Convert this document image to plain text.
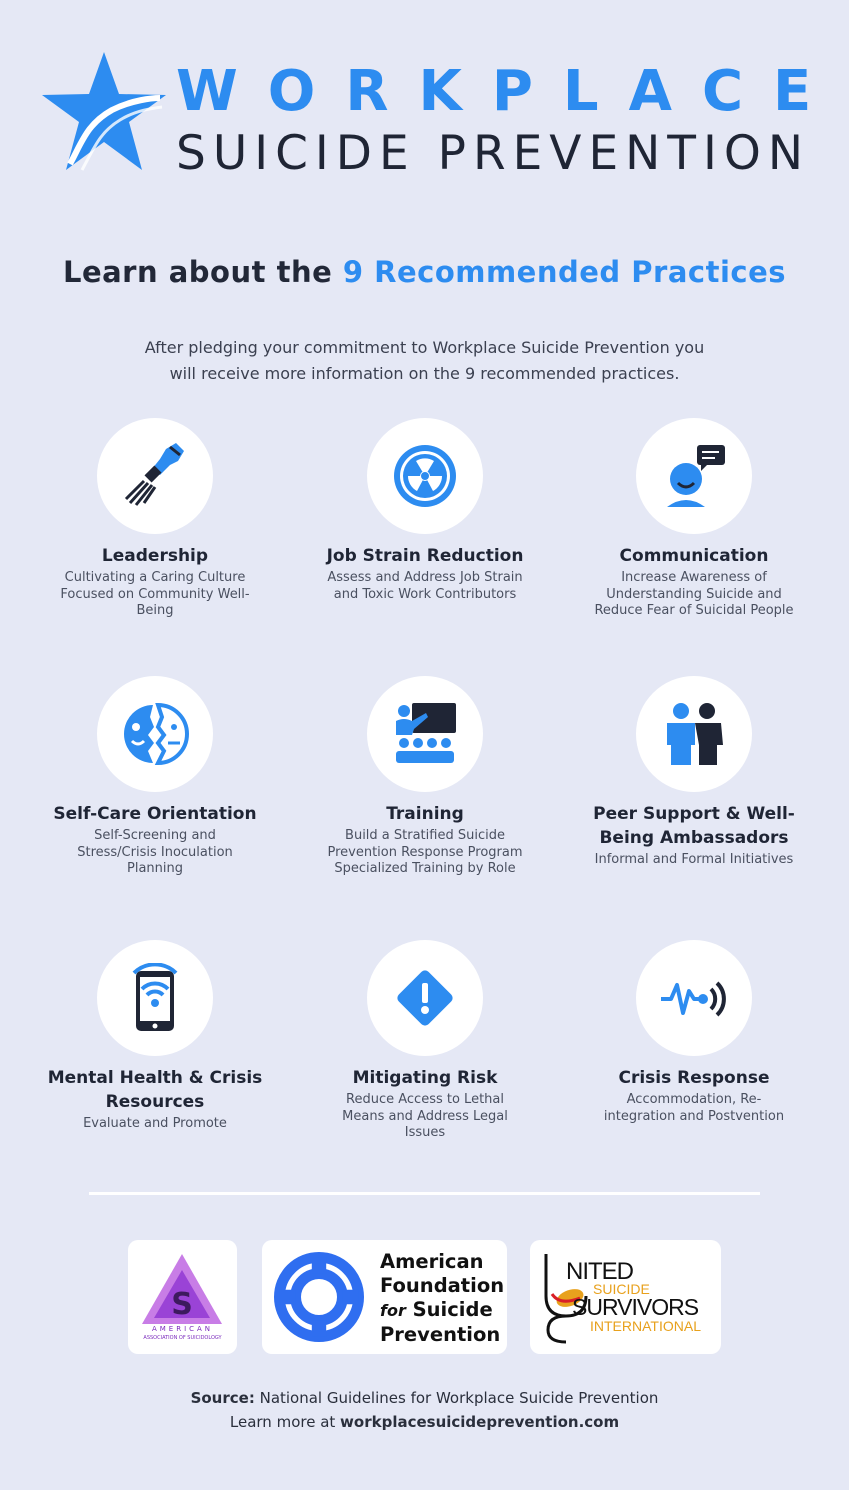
WORKPLACE
SUICIDE PREVENTION
Learn about the 9 Recommended Practices
After pledging your commitment to Workplace Suicide Prevention you
will receive more information on the 9 recommended practices.
Leadership
Cultivating a Caring Culture Focused on Community Well-Being
Job Strain Reduction
Assess and Address Job Strain and Toxic Work Contributors
Communication
Increase Awareness of Understanding Suicide and Reduce Fear of Suicidal People
Self-Care Orientation
Self-Screening and Stress/Crisis Inoculation Planning
Training
Build a Stratified Suicide Prevention Response Program Specialized Training by Role
Peer Support & Well-Being Ambassadors
Informal and Formal Initiatives
Mental Health & Crisis Resources
Evaluate and Promote
Mitigating Risk
Reduce Access to Lethal Means and Address Legal Issues
Crisis Response
Accommodation, Re-integration and Postvention
S
AMERICAN
ASSOCIATION OF SUICIDOLOGY
American
Foundation
for Suicide
Prevention
NITED
SUICIDE
SURVIVORS
INTERNATIONAL
Source: National Guidelines for Workplace Suicide Prevention
Learn more at workplacesuicideprevention.com
